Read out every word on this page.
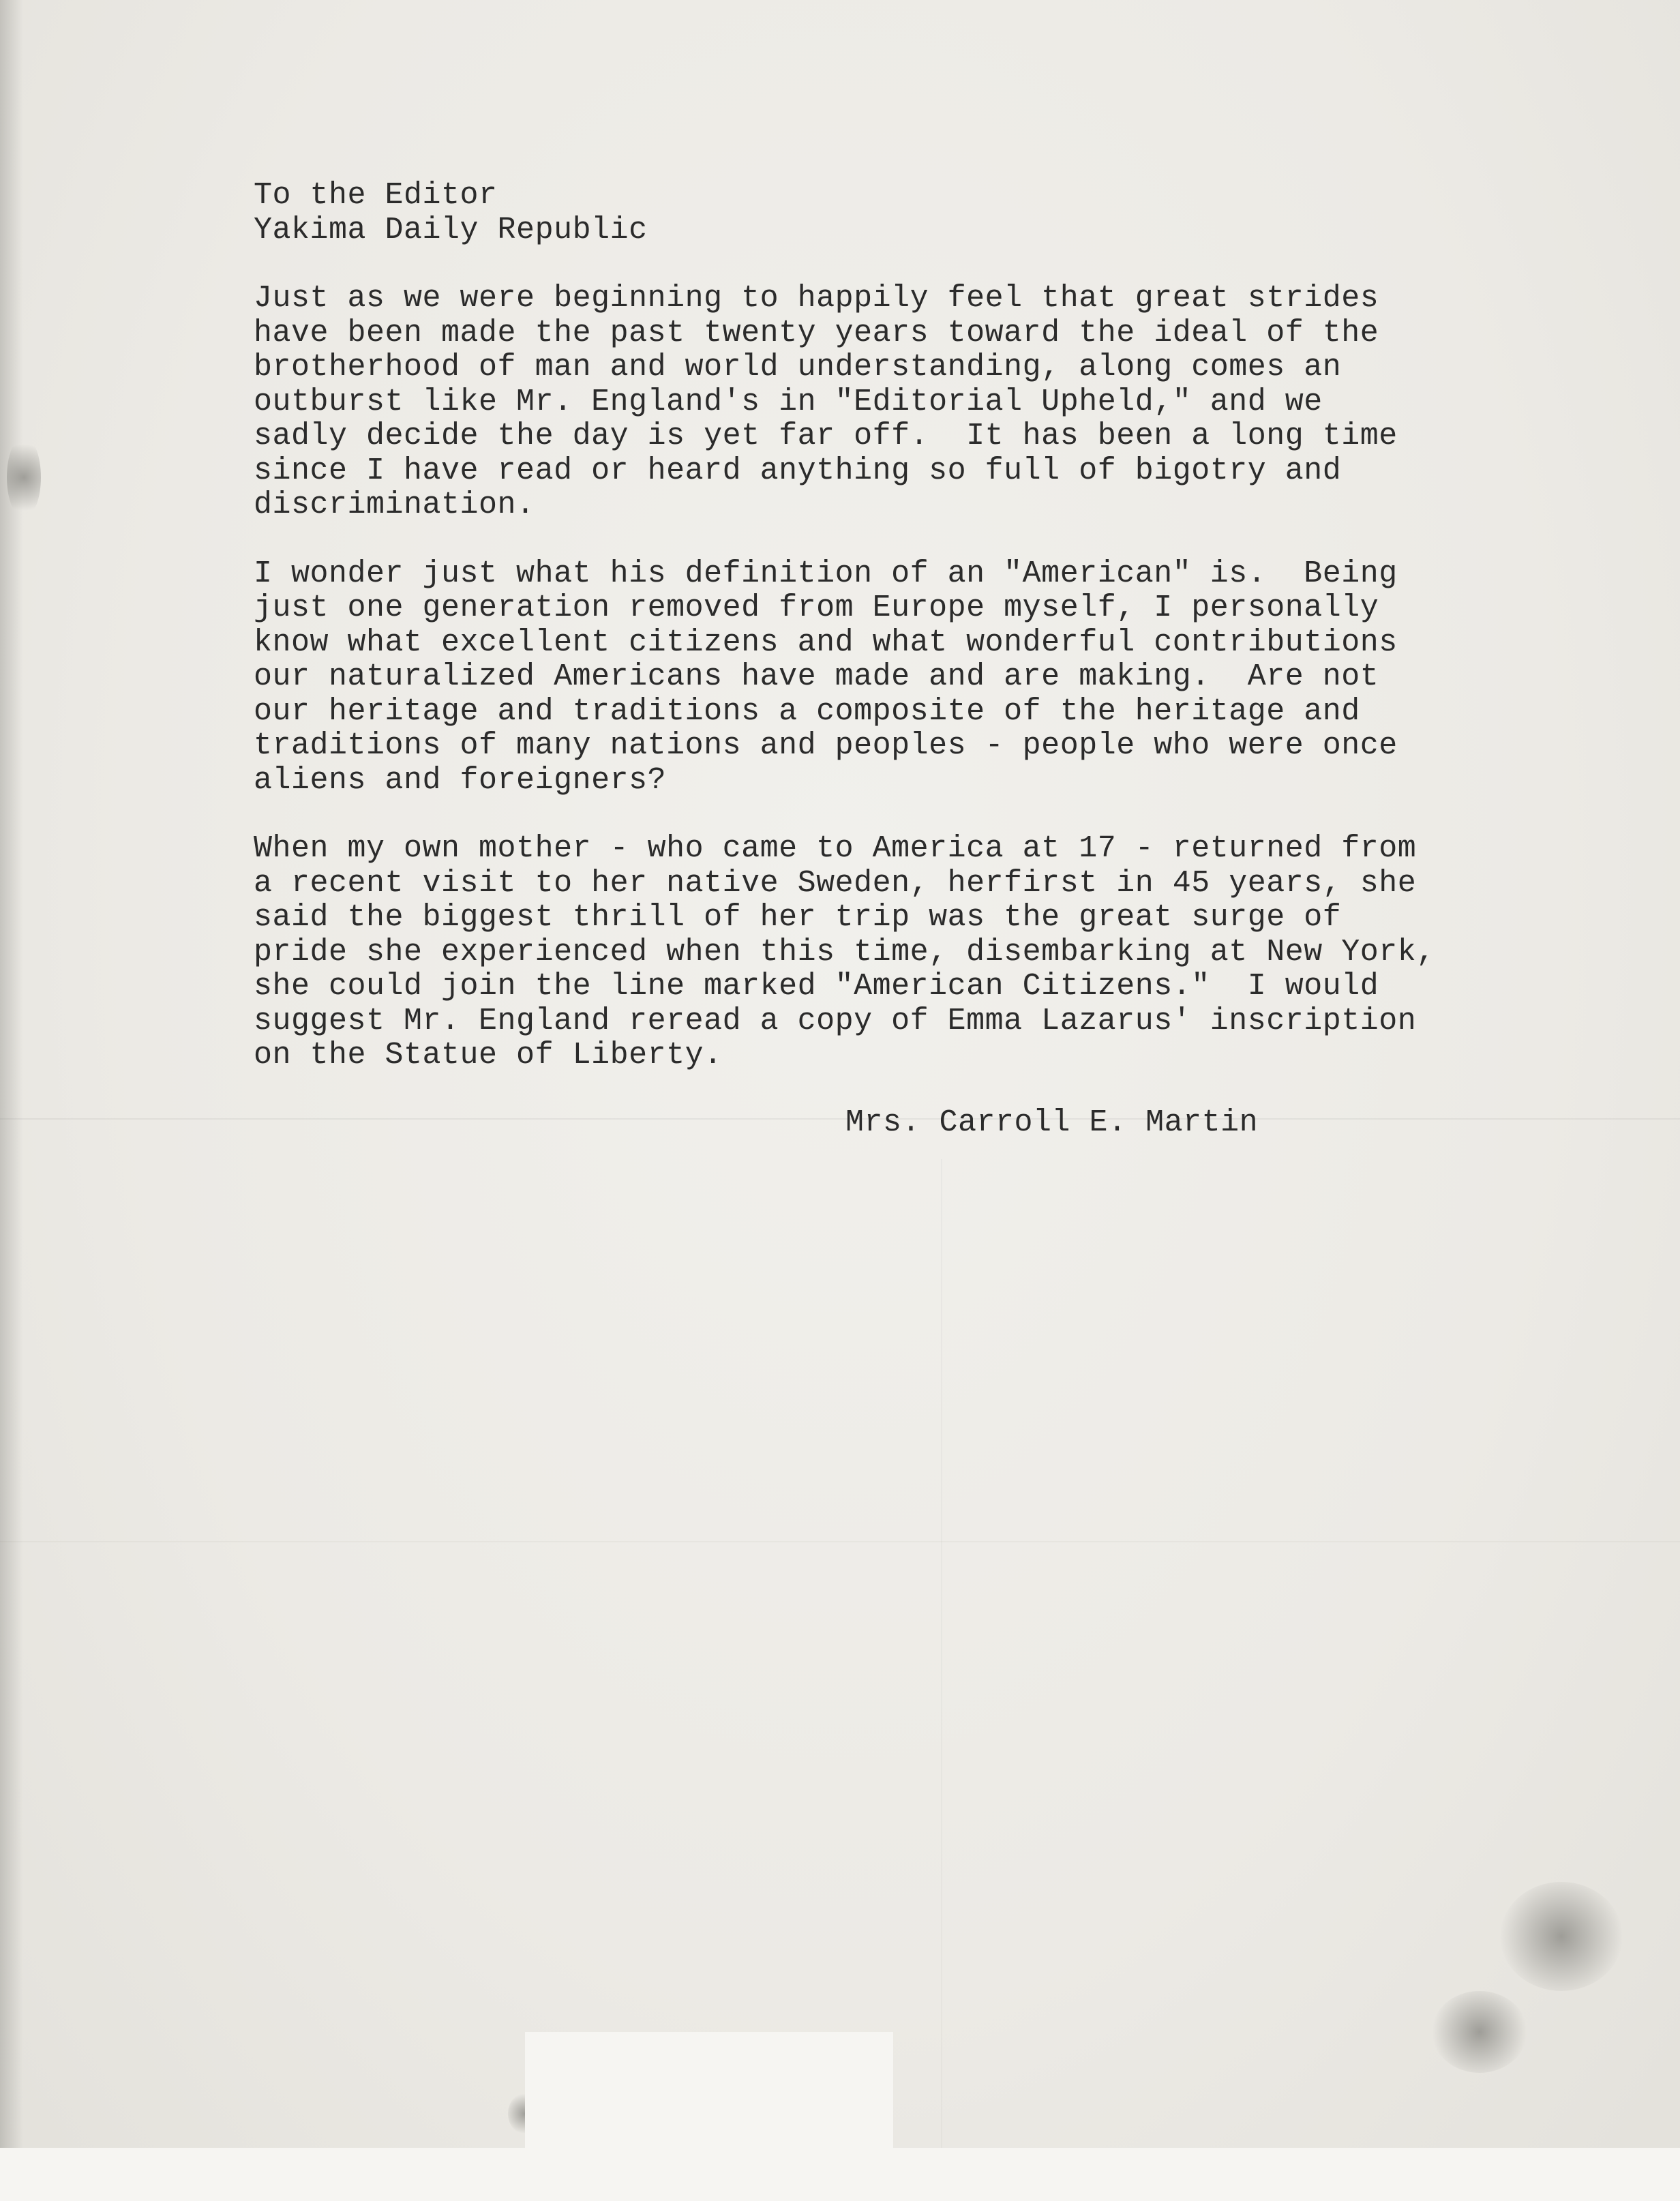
To the Editor
Yakima Daily Republic
Just as we were beginning to happily feel that great strides
have been made the past twenty years toward the ideal of the
brotherhood of man and world understanding, along comes an
outburst like Mr. England's in "Editorial Upheld," and we
sadly decide the day is yet far off.  It has been a long time
since I have read or heard anything so full of bigotry and
discrimination.
I wonder just what his definition of an "American" is.  Being
just one generation removed from Europe myself, I personally
know what excellent citizens and what wonderful contributions
our naturalized Americans have made and are making.  Are not
our heritage and traditions a composite of the heritage and
traditions of many nations and peoples - people who were once
aliens and foreigners?
When my own mother - who came to America at 17 - returned from
a recent visit to her native Sweden, herfirst in 45 years, she
said the biggest thrill of her trip was the great surge of
pride she experienced when this time, disembarking at New York,
she could join the line marked "American Citizens."  I would
suggest Mr. England reread a copy of Emma Lazarus' inscription
on the Statue of Liberty.
Mrs. Carroll E. Martin
